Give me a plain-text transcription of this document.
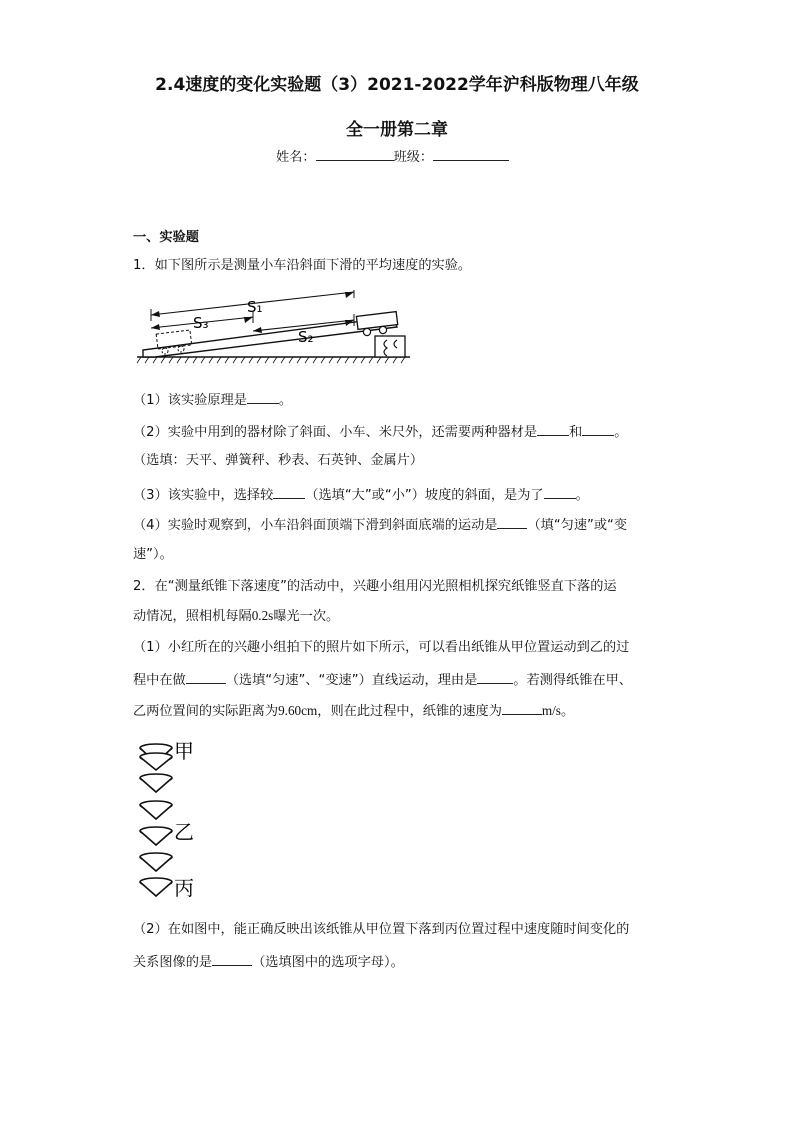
2.4速度的变化实验题（3）2021-2022学年沪科版物理八年级
全一册第二章
姓名：	班级：
一、实验题
1．如下图所示是测量小车沿斜面下滑的平均速度的实验。
S₁
S₃
S₂
（1）该实验原理是 。
（2）实验中用到的器材除了斜面、小车、米尺外，还需要两种器材是 和 。
（选填：天平、弹簧秤、秒表、石英钟、金属片）
（3）该实验中，选择较 （选填“大”或“小”）坡度的斜面，是为了 。
（4）实验时观察到，小车沿斜面顶端下滑到斜面底端的运动是 （填“匀速”或“变
速”）。
2．在“测量纸锥下落速度”的活动中，兴趣小组用闪光照相机探究纸锥竖直下落的运
动情况，照相机每隔0.2s曝光一次。
（1）小红所在的兴趣小组拍下的照片如下所示，可以看出纸锥从甲位置运动到乙的过
程中在做	（选填“匀速”、“变速”）直线运动，理由是	。若测得纸锥在甲、
乙两位置间的实际距离为9.60cm，则在此过程中，纸锥的速度为	m/s。
甲
乙
丙
（2）在如图中，能正确反映出该纸锥从甲位置下落到丙位置过程中速度随时间变化的
关系图像的是	（选填图中的选项字母）。
